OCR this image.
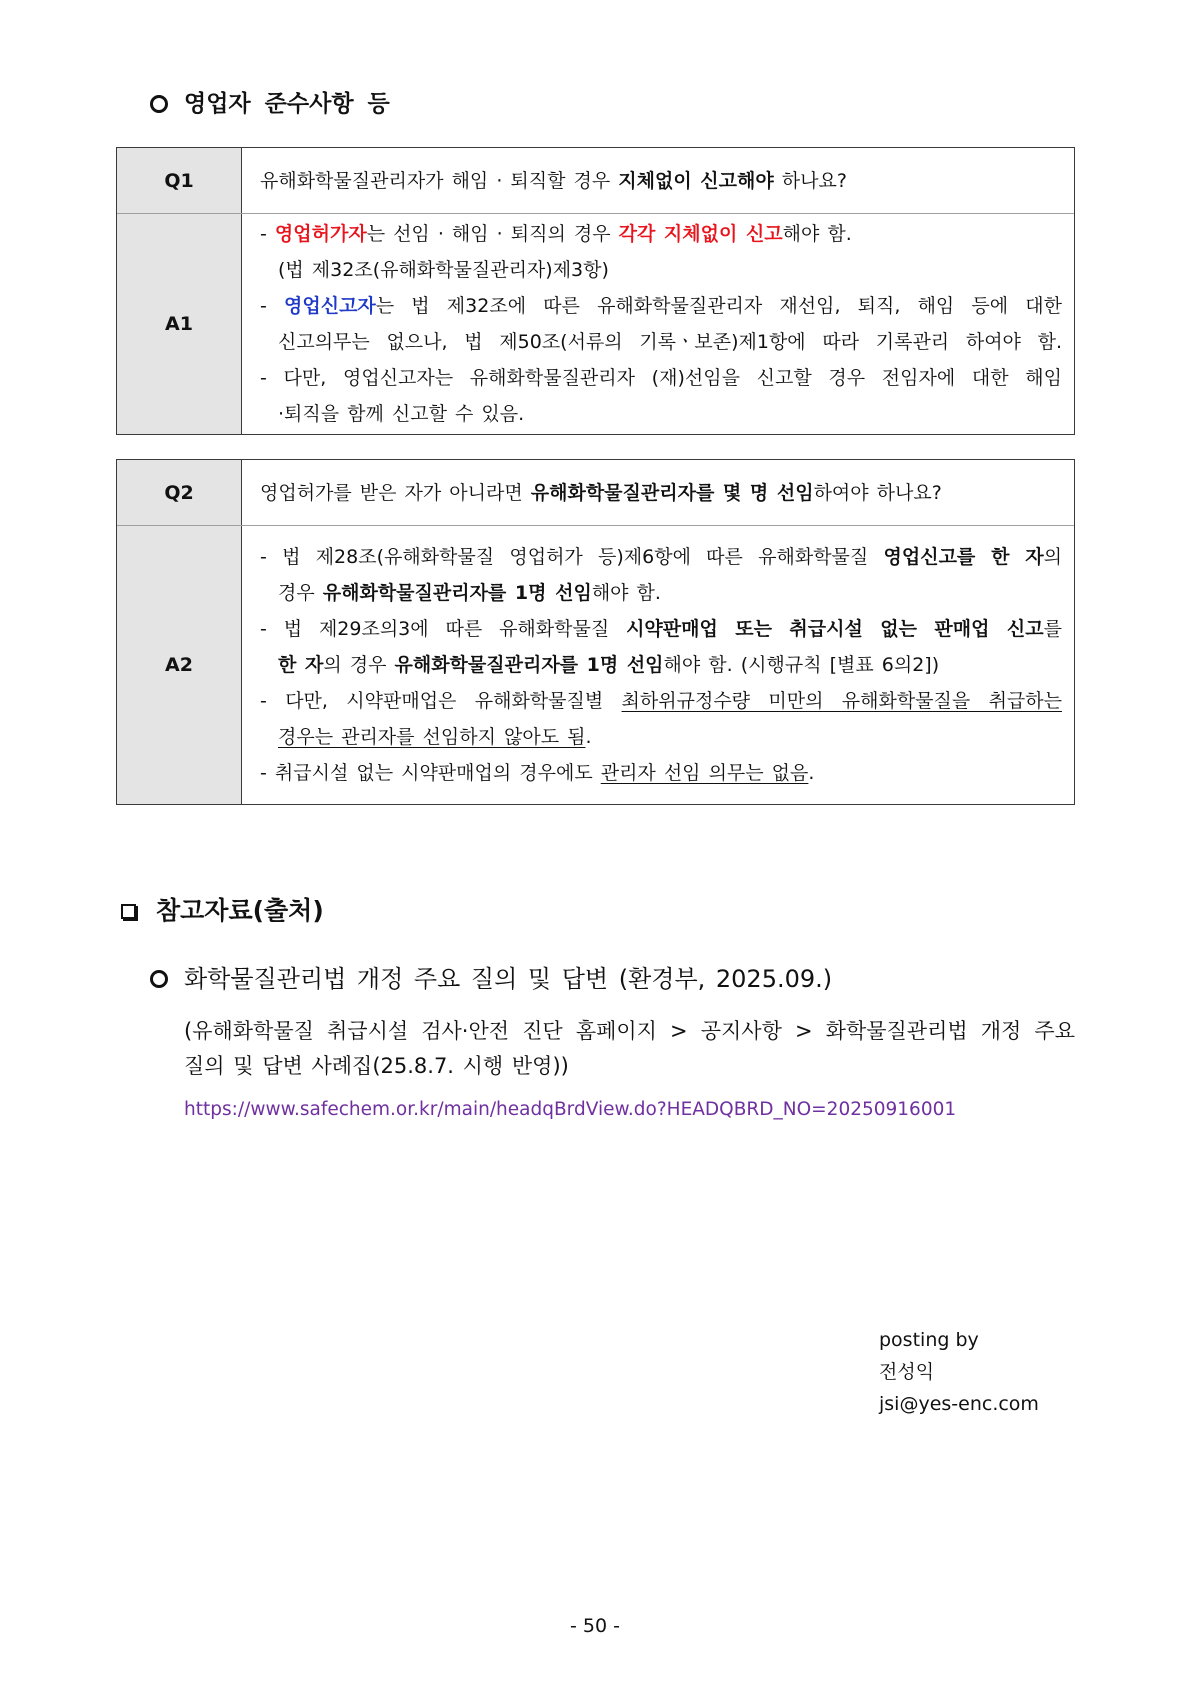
영업자 준수사항 등
Q1	유해화학물질관리자가 해임 · 퇴직할 경우 지체없이 신고해야 하나요?
A1
- 영업허가자는 선임 · 해임 · 퇴직의 경우 각각 지체없이 신고해야 함.
(법 제32조(유해화학물질관리자)제3항)
- 영업신고자는 법 제32조에 따른 유해화학물질관리자 재선임, 퇴직, 해임 등에 대한
신고의무는 없으나, 법 제50조(서류의 기록ㆍ보존)제1항에 따라 기록관리 하여야 함.
- 다만, 영업신고자는 유해화학물질관리자 (재)선임을 신고할 경우 전임자에 대한 해임
·퇴직을 함께 신고할 수 있음.
Q2	영업허가를 받은 자가 아니라면 유해화학물질관리자를 몇 명 선임하여야 하나요?
A2
- 법 제28조(유해화학물질 영업허가 등)제6항에 따른 유해화학물질 영업신고를 한 자의
경우 유해화학물질관리자를 1명 선임해야 함.
- 법 제29조의3에 따른 유해화학물질 시약판매업 또는 취급시설 없는 판매업 신고를
한 자의 경우 유해화학물질관리자를 1명 선임해야 함. (시행규칙 [별표 6의2])
- 다만, 시약판매업은 유해화학물질별 최하위규정수량 미만의 유해화학물질을 취급하는
경우는 관리자를 선임하지 않아도 됨.
- 취급시설 없는 시약판매업의 경우에도 관리자 선임 의무는 없음.
참고자료(출처)
화학물질관리법 개정 주요 질의 및 답변 (환경부, 2025.09.)
(유해화학물질 취급시설 검사·안전 진단 홈페이지 > 공지사항 > 화학물질관리법 개정 주요
질의 및 답변 사례집(25.8.7. 시행 반영))
https://www.safechem.or.kr/main/headqBrdView.do?HEADQBRD_NO=20250916001
posting by
전성익
jsi@yes-enc.com
- 50 -
